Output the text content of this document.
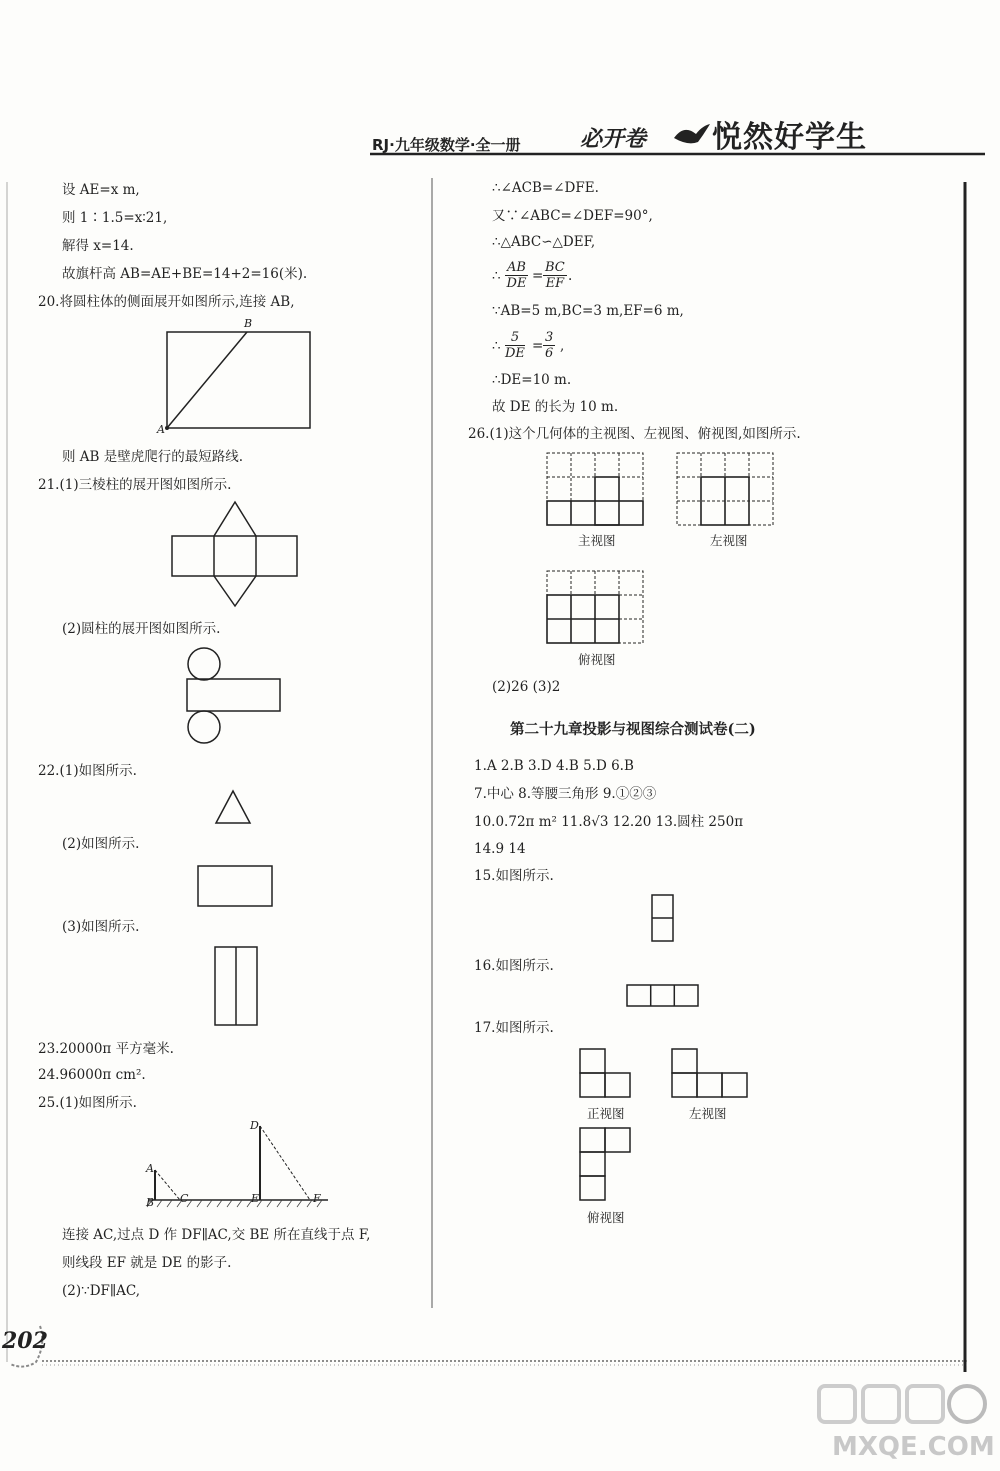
RJ·九年级数学·全一册	必开卷 悦然好学生
设 AE=x m,
则 1∶1.5=x∶21,
解得 x=14.
故旗杆高 AB=AE+BE=14+2=16(米).
20.将圆柱体的侧面展开如图所示,连接 AB,
A
B
则 AB 是壁虎爬行的最短路线.
21.(1)三棱柱的展开图如图所示.
(2)圆柱的展开图如图所示.
22.(1)如图所示.
(2)如图所示.
(3)如图所示.
23.20000π 平方毫米.
24.96000π cm².
25.(1)如图所示.
A
B C
D
E	F
连接 AC,过点 D 作 DF∥AC,交 BE 所在直线于点 F,
则线段 EF 就是 DE 的影子.
(2)∵DF∥AC,
∴∠ACB=∠DFE.
又∵∠ABC=∠DEF=90°,
∴△ABC∽△DEF,
∴ $\frac{AB}{DE} = \frac{BC}{EF}$ .
∵AB=5 m,BC=3 m,EF=6 m,
∴ $\frac{5}{DE} = \frac{3}{6}$ ,
∴DE=10 m.
故 DE 的长为 10 m.
26.(1)这个几何体的主视图、左视图、俯视图,如图所示.
主视图	左视图
俯视图
(2)26 (3)2
第二十九章投影与视图综合测试卷(二)
1.A 2.B 3.D 4.B 5.D 6.B
7.中心 8.等腰三角形 9.①②③
10.0.72π m² 11.8√3 12.20 13.圆柱 250π
14.9 14
15.如图所示.
16.如图所示.
17.如图所示.
正视图	左视图
俯视图
202
MXQE.COM
